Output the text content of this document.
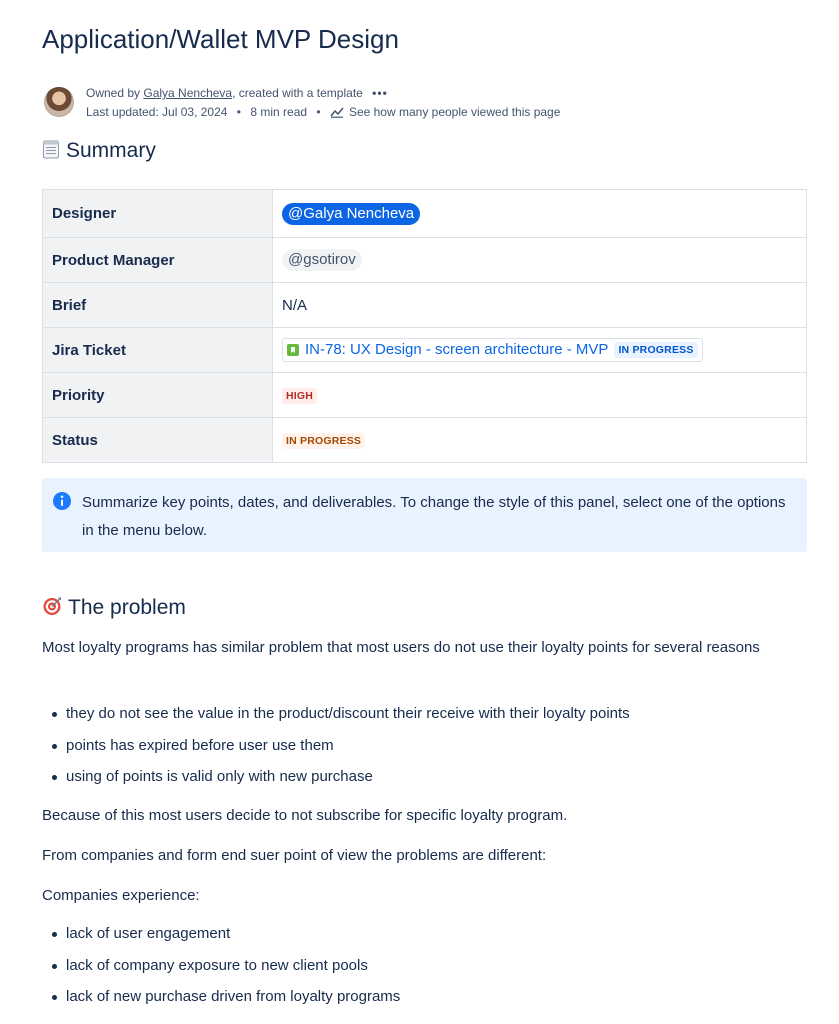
Application/Wallet MVP Design
Owned by Galya Nencheva, created with a template •••
Last updated: Jul 03, 2024 • 8 min read • See how many people viewed this page
Summary
Designer	@Galya Nencheva
Product Manager	@gsotirov
Brief	N/A
Jira Ticket	IN-78: UX Design - screen architecture - MVP IN PROGRESS

Priority	HIGH
Status	IN PROGRESS
Summarize key points, dates, and deliverables. To change the style of this panel, select one of the options in the menu below.
The problem

Most loyalty programs has similar problem that most users do not use their loyalty points for several reasons

they do not see the value in the product/discount their receive with their loyalty points
points has expired before user use them
using of points is valid only with new purchase

Because of this most users decide to not subscribe for specific loyalty program.

From companies and form end suer point of view the problems are different:

Companies experience:

lack of user engagement
lack of company exposure to new client pools
lack of new purchase driven from loyalty programs
